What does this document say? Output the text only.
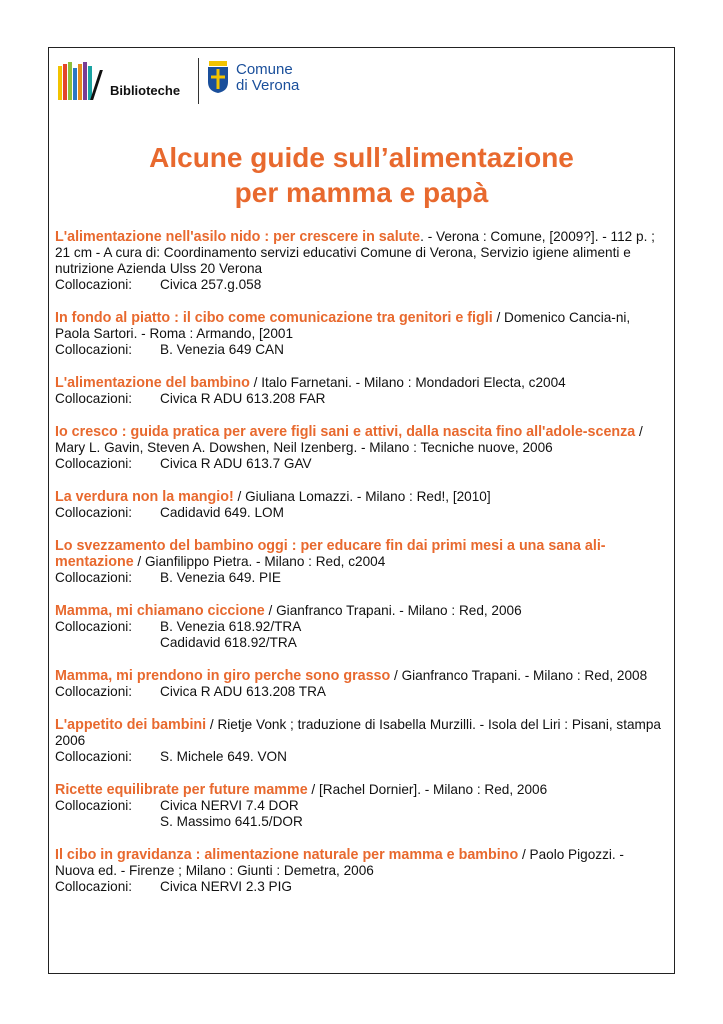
Biblioteche
Comune
di Verona
Alcune guide sull’alimentazione
per mamma e papà

L'alimentazione nell'asilo nido : per crescere in salute. - Verona : Comune, [2009?]. - 112 p. ; 21 cm - A cura di: Coordinamento servizi educativi Comune di Verona, Servizio igiene alimenti e nutrizione Azienda Ulss 20 Verona

Collocazioni:	Civica 257.g.058

In fondo al piatto : il cibo come comunicazione tra genitori e figli / Domenico Cancia-ni, Paola Sartori. - Roma : Armando, [2001

Collocazioni:	B. Venezia 649 CAN

L'alimentazione del bambino / Italo Farnetani. - Milano : Mondadori Electa, c2004

Collocazioni:	Civica R ADU 613.208 FAR

Io cresco : guida pratica per avere figli sani e attivi, dalla nascita fino all'adole-scenza / Mary L. Gavin, Steven A. Dowshen, Neil Izenberg. - Milano : Tecniche nuove, 2006

Collocazioni:	Civica R ADU 613.7 GAV

La verdura non la mangio! / Giuliana Lomazzi. - Milano : Red!, [2010]

Collocazioni:	Cadidavid 649. LOM

Lo svezzamento del bambino oggi : per educare fin dai primi mesi a una sana ali-mentazione / Gianfilippo Pietra. - Milano : Red, c2004

Collocazioni:	B. Venezia 649. PIE

Mamma, mi chiamano ciccione / Gianfranco Trapani. - Milano : Red, 2006

Collocazioni:	B. Venezia 618.92/TRA
Cadidavid 618.92/TRA

Mamma, mi prendono in giro perche sono grasso / Gianfranco Trapani. - Milano : Red, 2008

Collocazioni:	Civica R ADU 613.208 TRA

L'appetito dei bambini / Rietje Vonk ; traduzione di Isabella Murzilli. - Isola del Liri : Pisani, stampa 2006

Collocazioni:	S. Michele 649. VON

Ricette equilibrate per future mamme / [Rachel Dornier]. - Milano : Red, 2006

Collocazioni:	Civica NERVI 7.4 DOR
S. Massimo 641.5/DOR

Il cibo in gravidanza : alimentazione naturale per mamma e bambino / Paolo Pigozzi. - Nuova ed. - Firenze ; Milano : Giunti : Demetra, 2006

Collocazioni:	Civica NERVI 2.3 PIG
